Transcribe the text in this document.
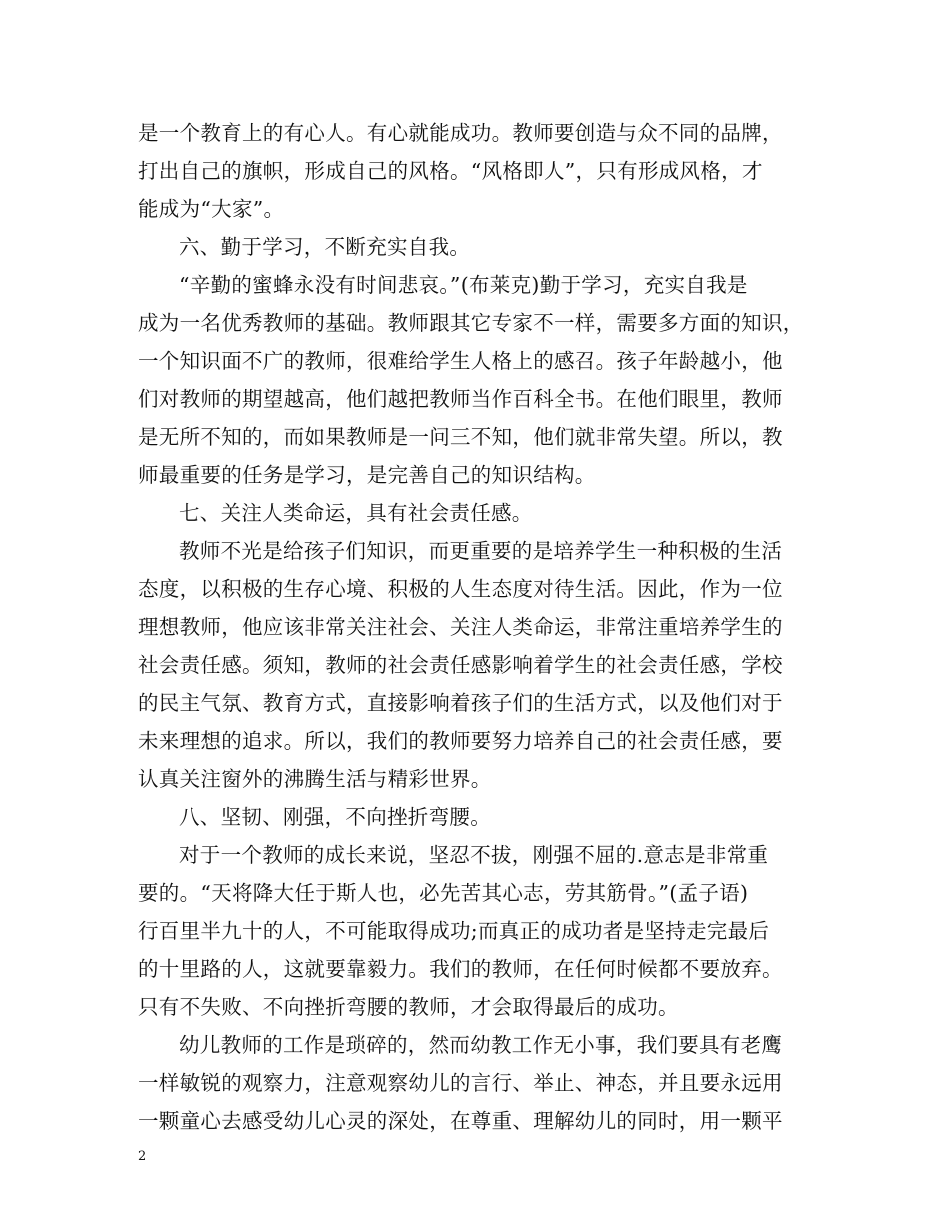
是一个教育上的有心人。有心就能成功。教师要创造与众不同的品牌，
打出自己的旗帜，形成自己的风格。“风格即人”，只有形成风格，才
能成为“大家”。
六、勤于学习，不断充实自我。
“辛勤的蜜蜂永没有时间悲哀。”(布莱克)勤于学习，充实自我是
成为一名优秀教师的基础。教师跟其它专家不一样，需要多方面的知识，
一个知识面不广的教师，很难给学生人格上的感召。孩子年龄越小，他
们对教师的期望越高，他们越把教师当作百科全书。在他们眼里，教师
是无所不知的，而如果教师是一问三不知，他们就非常失望。所以，教
师最重要的任务是学习，是完善自己的知识结构。
七、关注人类命运，具有社会责任感。
教师不光是给孩子们知识，而更重要的是培养学生一种积极的生活
态度，以积极的生存心境、积极的人生态度对待生活。因此，作为一位
理想教师，他应该非常关注社会、关注人类命运，非常注重培养学生的
社会责任感。须知，教师的社会责任感影响着学生的社会责任感，学校
的民主气氛、教育方式，直接影响着孩子们的生活方式，以及他们对于
未来理想的追求。所以，我们的教师要努力培养自己的社会责任感，要
认真关注窗外的沸腾生活与精彩世界。
八、坚韧、刚强，不向挫折弯腰。
对于一个教师的成长来说，坚忍不拔，刚强不屈的.意志是非常重
要的。“天将降大任于斯人也，必先苦其心志，劳其筋骨。”(孟子语)
行百里半九十的人，不可能取得成功;而真正的成功者是坚持走完最后
的十里路的人，这就要靠毅力。我们的教师，在任何时候都不要放弃。
只有不失败、不向挫折弯腰的教师，才会取得最后的成功。
幼儿教师的工作是琐碎的，然而幼教工作无小事，我们要具有老鹰
一样敏锐的观察力，注意观察幼儿的言行、举止、神态，并且要永远用
一颗童心去感受幼儿心灵的深处，在尊重、理解幼儿的同时，用一颗平
2
